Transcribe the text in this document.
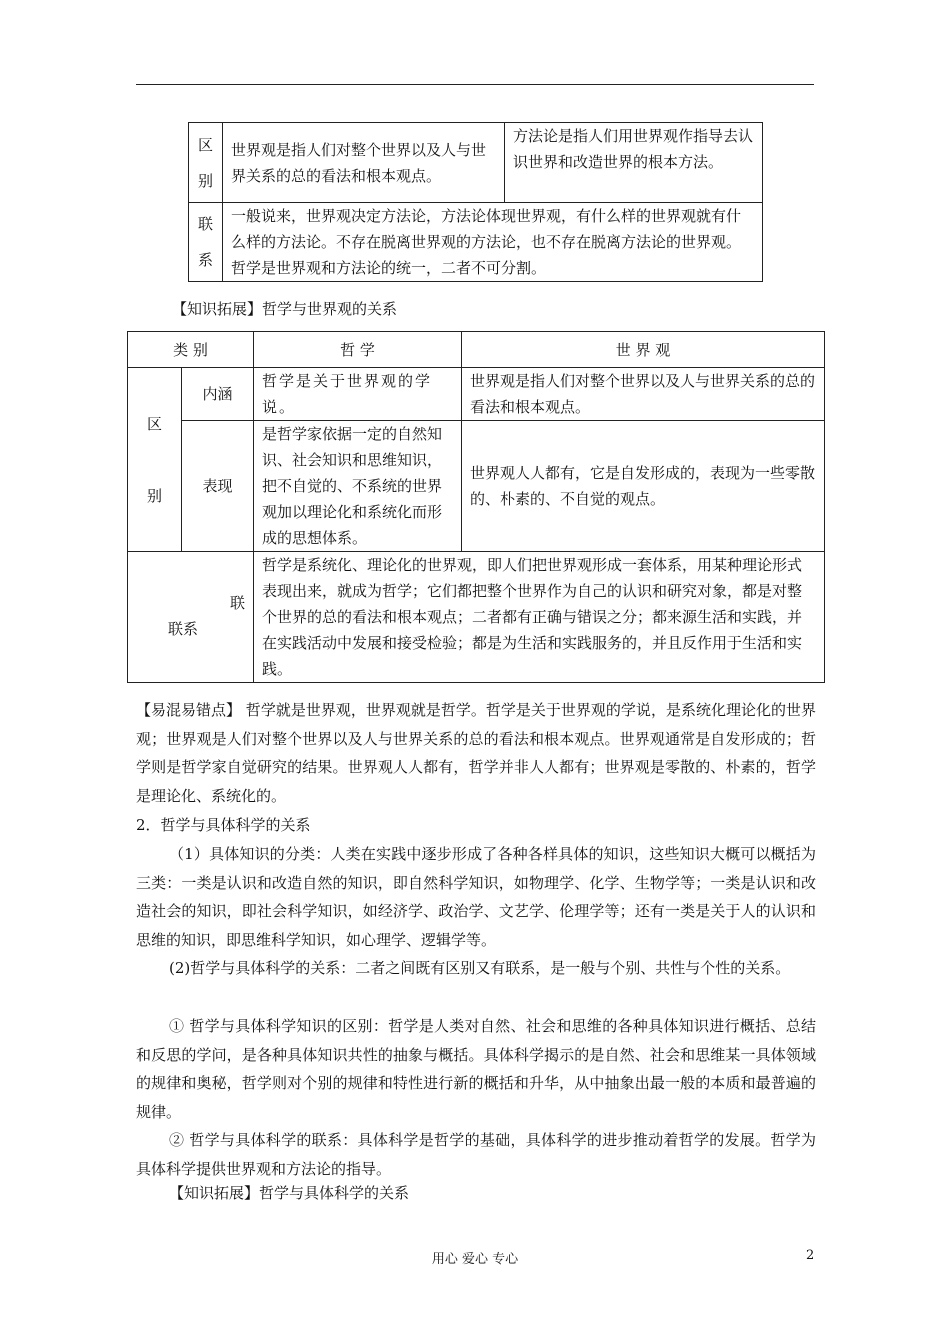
区
别	世界观是指人们对整个世界以及人与世界关系的总的看法和根本观点。	方法论是指人们用世界观作指导去认识世界和改造世界的根本方法。

联
系	一般说来，世界观决定方法论，方法论体现世界观，有什么样的世界观就有什么样的方法论。不存在脱离世界观的方法论，也不存在脱离方法论的世界观。哲学是世界观和方法论的统一，二者不可分割。	
【知识拓展】哲学与世界观的关系
类 别		哲 学	世 界 观

区
别	内涵	哲学是关于世界观的学说。	世界观是指人们对整个世界以及人与世界关系的总的看法和根本观点。
	表现	是哲学家依据一定的自然知识、社会知识和思维知识，把不自觉的、不系统的世界观加以理论化和系统化而形成的思想体系。	世界观人人都有，它是自发形成的，表现为一些零散的、朴素的、不自觉的观点。

联
联系		哲学是系统化、理论化的世界观，即人们把世界观形成一套体系，用某种理论形式表现出来，就成为哲学；它们都把整个世界作为自己的认识和研究对象，都是对整个世界的总的看法和根本观点；二者都有正确与错误之分；都来源生活和实践，并在实践活动中发展和接受检验；都是为生活和实践服务的，并且反作用于生活和实践。	

【易混易错点】 哲学就是世界观，世界观就是哲学。哲学是关于世界观的学说，是系统化理论化的世界观；世界观是人们对整个世界以及人与世界关系的总的看法和根本观点。世界观通常是自发形成的；哲学则是哲学家自觉研究的结果。世界观人人都有，哲学并非人人都有；世界观是零散的、朴素的，哲学是理论化、系统化的。

2．哲学与具体科学的关系

（1）具体知识的分类：人类在实践中逐步形成了各种各样具体的知识，这些知识大概可以概括为三类：一类是认识和改造自然的知识，即自然科学知识，如物理学、化学、生物学等；一类是认识和改造社会的知识，即社会科学知识，如经济学、政治学、文艺学、伦理学等；还有一类是关于人的认识和思维的知识，即思维科学知识，如心理学、逻辑学等。

(2)哲学与具体科学的关系：二者之间既有区别又有联系，是一般与个别、共性与个性的关系。

① 哲学与具体科学知识的区别：哲学是人类对自然、社会和思维的各种具体知识进行概括、总结和反思的学问，是各种具体知识共性的抽象与概括。具体科学揭示的是自然、社会和思维某一具体领域的规律和奥秘，哲学则对个别的规律和特性进行新的概括和升华，从中抽象出最一般的本质和最普遍的规律。

② 哲学与具体科学的联系：具体科学是哲学的基础，具体科学的进步推动着哲学的发展。哲学为具体科学提供世界观和方法论的指导。

【知识拓展】哲学与具体科学的关系

用心 爱心 专心	2
